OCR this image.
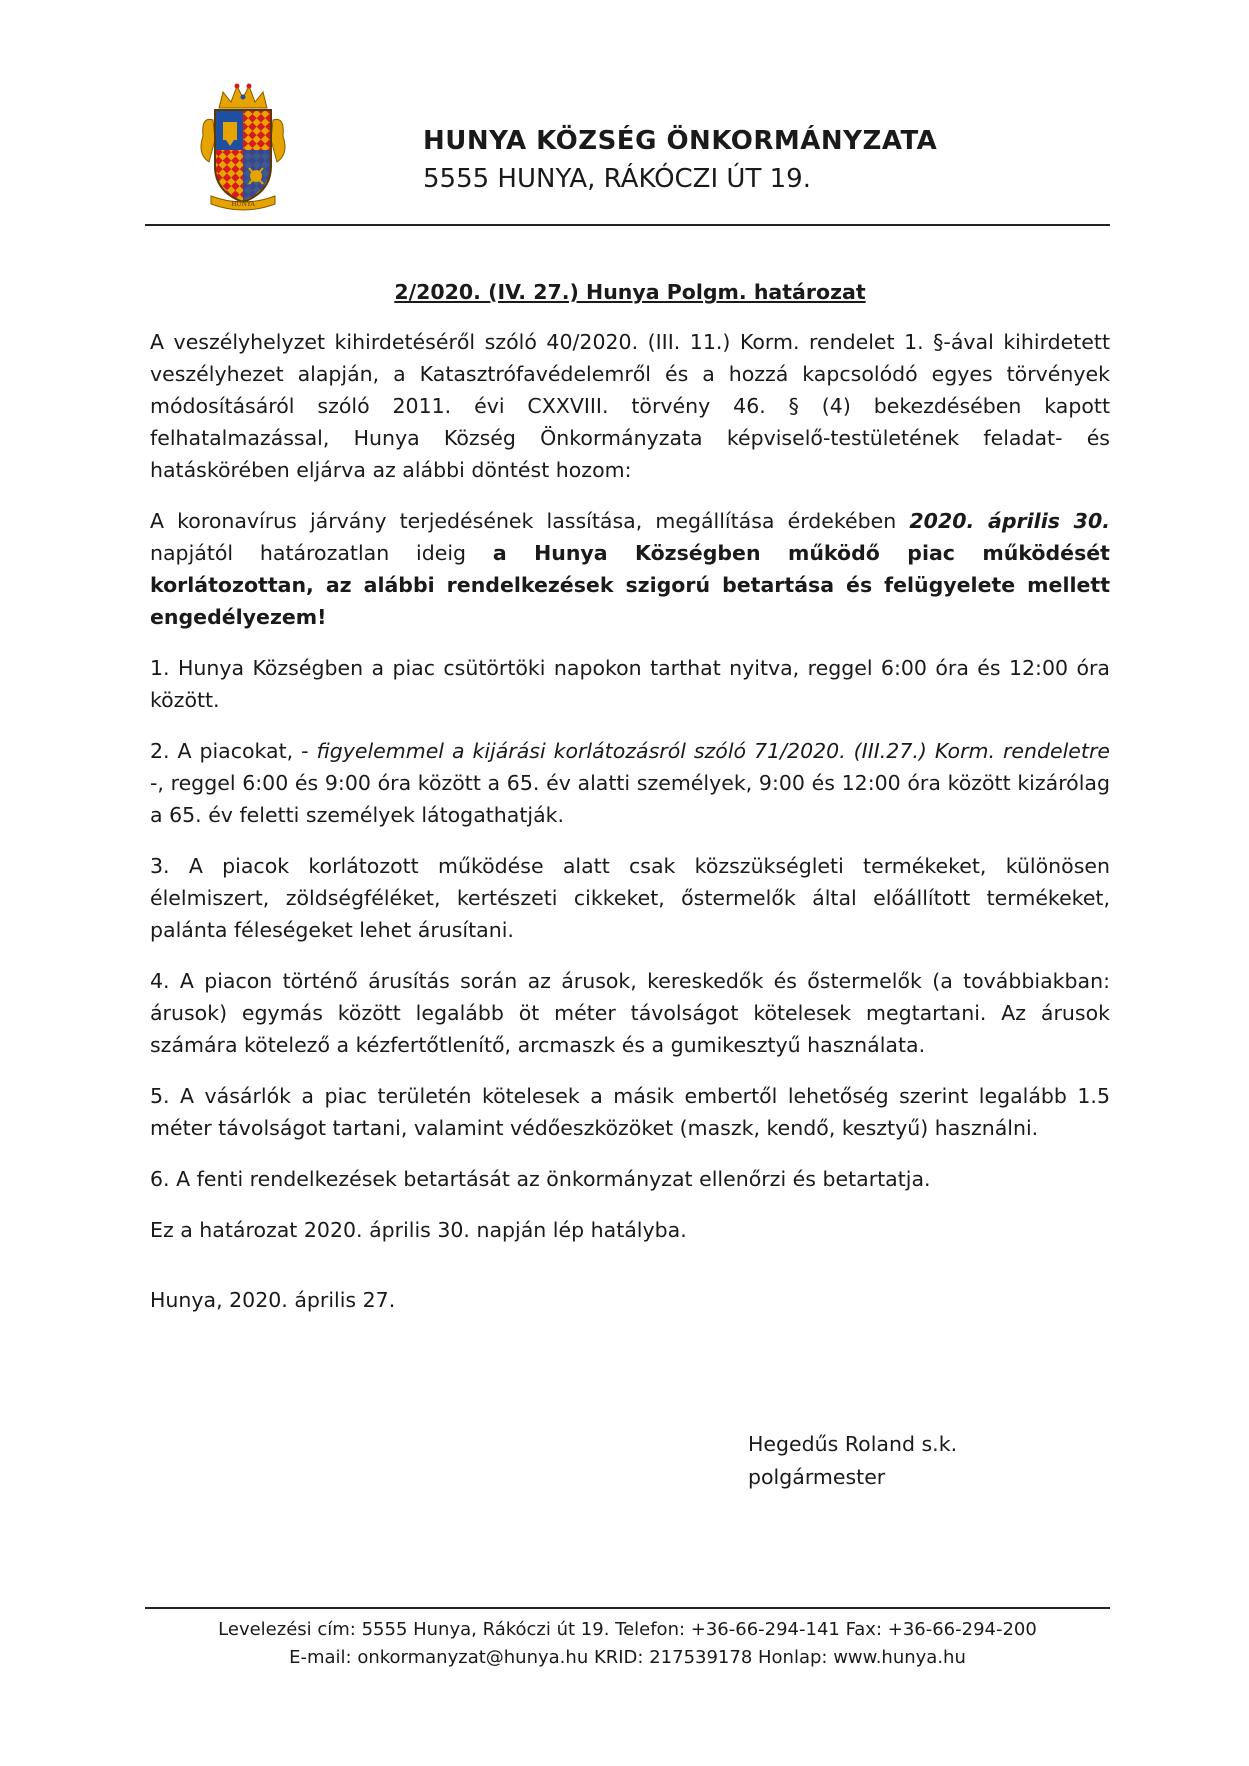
HUNYA
HUNYA KÖZSÉG ÖNKORMÁNYZATA
5555 HUNYA, RÁKÓCZI ÚT 19.
2/2020. (IV. 27.) Hunya Polgm. határozat

A veszélyhelyzet kihirdetéséről szóló 40/2020. (III. 11.) Korm. rendelet 1. §-ával kihirdetett veszélyhezet alapján, a Katasztrófavédelemről és a hozzá kapcsolódó egyes törvények módosításáról szóló 2011. évi CXXVIII. törvény 46. § (4) bekezdésében kapott felhatalmazással, Hunya Község Önkormányzata képviselő-testületének feladat- és hatáskörében eljárva az alábbi döntést hozom:

A koronavírus járvány terjedésének lassítása, megállítása érdekében 2020. április 30. napjától határozatlan ideig a Hunya Községben működő piac működését korlátozottan, az alábbi rendelkezések szigorú betartása és felügyelete mellett engedélyezem!

1. Hunya Községben a piac csütörtöki napokon tarthat nyitva, reggel 6:00 óra és 12:00 óra között.

2. A piacokat, - figyelemmel a kijárási korlátozásról szóló 71/2020. (III.27.) Korm. rendeletre -, reggel 6:00 és 9:00 óra között a 65. év alatti személyek, 9:00 és 12:00 óra között kizárólag a 65. év feletti személyek látogathatják.

3. A piacok korlátozott működése alatt csak közszükségleti termékeket, különösen élelmiszert, zöldségféléket, kertészeti cikkeket, őstermelők által előállított termékeket, palánta féleségeket lehet árusítani.

4. A piacon történő árusítás során az árusok, kereskedők és őstermelők (a továbbiakban: árusok) egymás között legalább öt méter távolságot kötelesek megtartani. Az árusok számára kötelező a kézfertőtlenítő, arcmaszk és a gumikesztyű használata.

5. A vásárlók a piac területén kötelesek a másik embertől lehetőség szerint legalább 1.5 méter távolságot tartani, valamint védőeszközöket (maszk, kendő, kesztyű) használni.

6. A fenti rendelkezések betartását az önkormányzat ellenőrzi és betartatja.

Ez a határozat 2020. április 30. napján lép hatályba.

Hunya, 2020. április 27.
Hegedűs Roland s.k.
polgármester
Levelezési cím: 5555 Hunya, Rákóczi út 19. Telefon: +36-66-294-141 Fax: +36-66-294-200
E-mail: onkormanyzat@hunya.hu KRID: 217539178 Honlap: www.hunya.hu
